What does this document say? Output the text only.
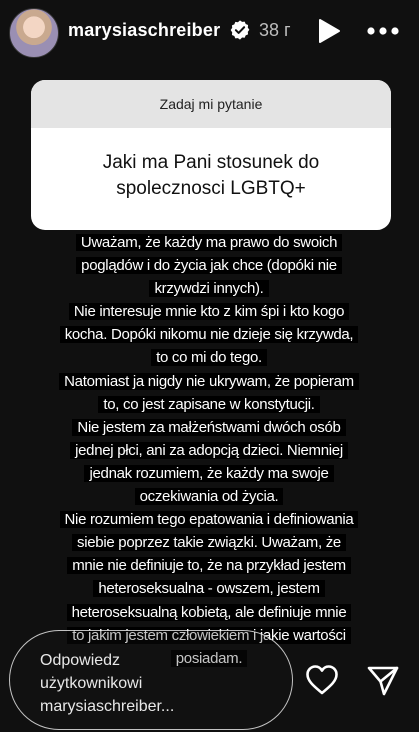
marysiaschreiber 38 г
Zadaj mi pytanie
Jaki ma Pani stosunek do
spolecznosci LGBTQ+
Uważam, że każdy ma prawo do swoich
poglądów i do życia jak chce (dopóki nie
krzywdzi innych).
Nie interesuje mnie kto z kim śpi i kto kogo
kocha. Dopóki nikomu nie dzieje się krzywda,
to co mi do tego.
Natomiast ja nigdy nie ukrywam, że popieram
to, co jest zapisane w konstytucji.
Nie jestem za małżeństwami dwóch osób
jednej płci, ani za adopcją dzieci. Niemniej
jednak rozumiem, że każdy ma swoje
oczekiwania od życia.
Nie rozumiem tego epatowania i definiowania
siebie poprzez takie związki. Uważam, że
mnie nie definiuje to, że na przykład jestem
heteroseksualna - owszem, jestem
heteroseksualną kobietą, ale definiuje mnie
to jakim jestem człowiekiem i jakie wartości
posiadam.
Odpowiedz
użytkownikowi
marysiaschreiber...
